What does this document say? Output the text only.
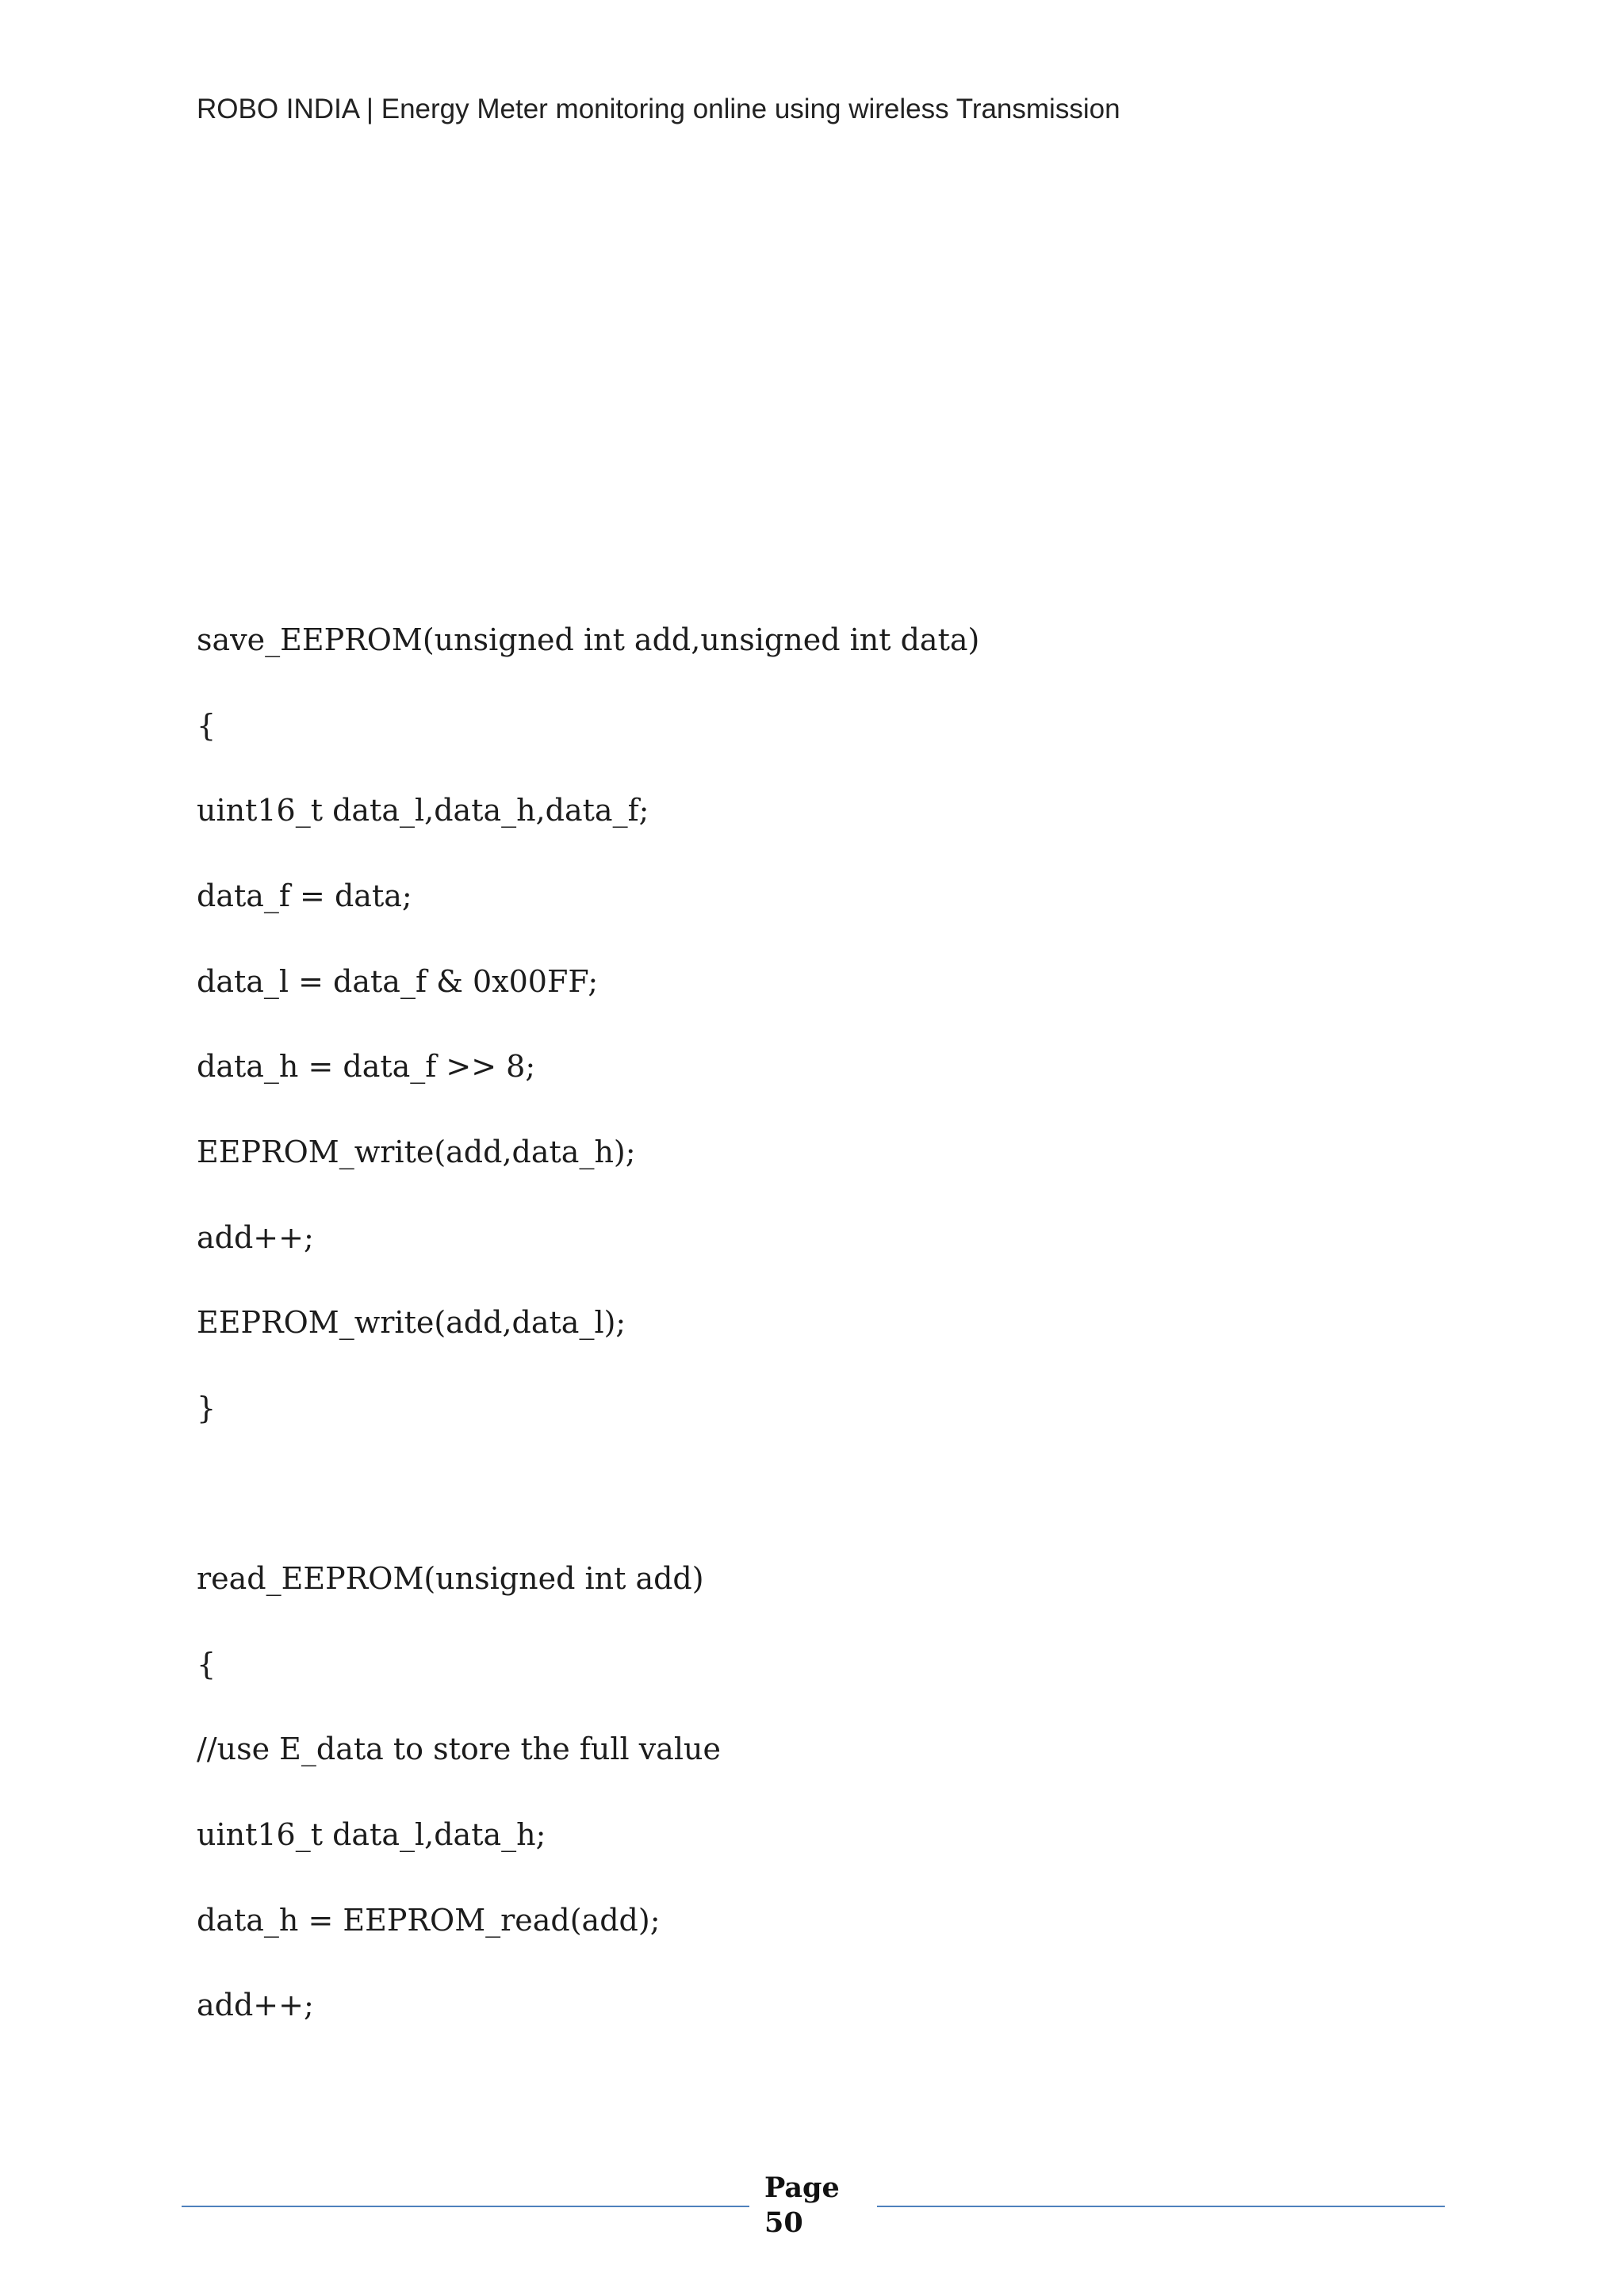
ROBO INDIA | Energy Meter monitoring online using wireless Transmission
save_EEPROM(unsigned int add,unsigned int data)
{
uint16_t data_l,data_h,data_f;
data_f = data;
data_l = data_f & 0x00FF;
data_h = data_f >> 8;
EEPROM_write(add,data_h);
add++;
EEPROM_write(add,data_l);
}
read_EEPROM(unsigned int add)
{
//use E_data to store the full value
uint16_t data_l,data_h;
data_h = EEPROM_read(add);
add++;
Page
50
